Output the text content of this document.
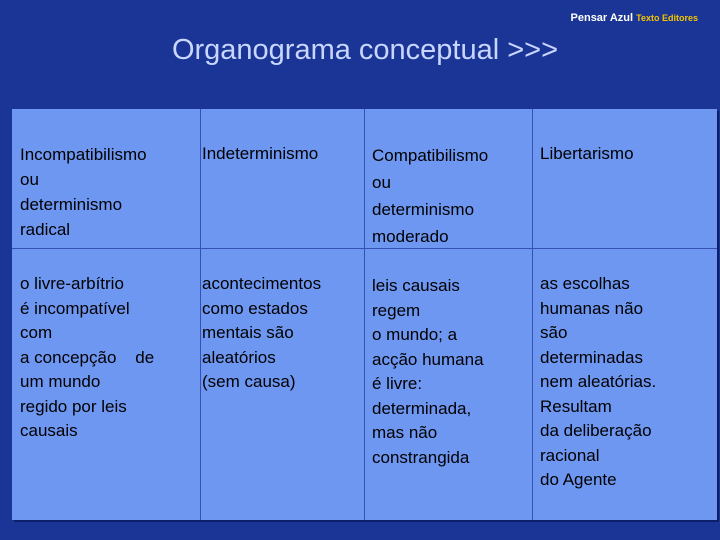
Pensar Azul Texto Editores
Organograma conceptual >>>
Incompatibilismo
ou
determinismo
radical
Indeterminismo	Compatibilismo
ou
determinismo
moderado
Libertarismo
o livre-arbítrio
é incompatível
com
a concepção    de
um mundo
regido por leis
causais
acontecimentos
como estados
mentais são
aleatórios
(sem causa)
leis causais
regem
o mundo; a
acção humana
é livre:
determinada,
mas não
constrangida
as escolhas
humanas não
são
determinadas
nem aleatórias.
Resultam
da deliberação
racional
do Agente
